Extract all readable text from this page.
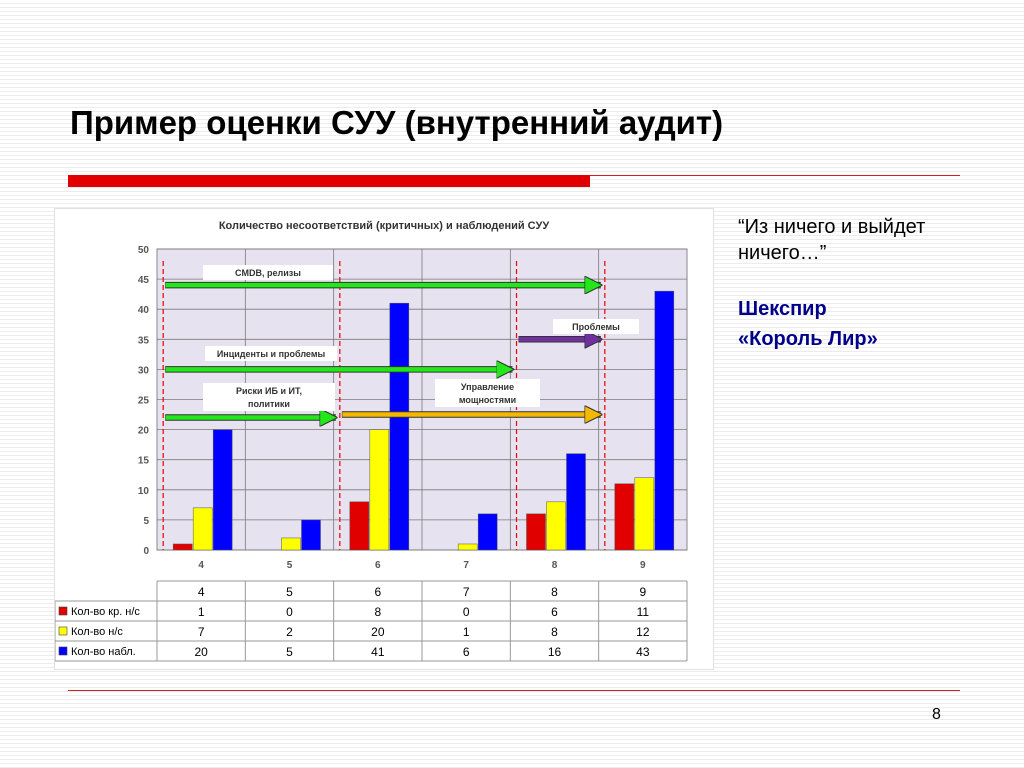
Пример оценки СУУ (внутренний аудит)
Количество несоответствий (критичных) и наблюдений СУУ
0
5
10
15
20
25
30
35
40
45
50
4	5	6	7	8	9
CMDB, релизы
Проблемы
Инциденты и проблемы
Управление мощностями
Риски ИБ и ИТ, политики
4	5	6	7	8	9
Кол-во кр. н/с	1	0	8	0	6	11
Кол-во н/с	7	2	20	1	8	12
Кол-во набл.	20	5	41	6	16	43
“Из ничего и выйдет ничего…”
Шекспир
«Король Лир»
8
